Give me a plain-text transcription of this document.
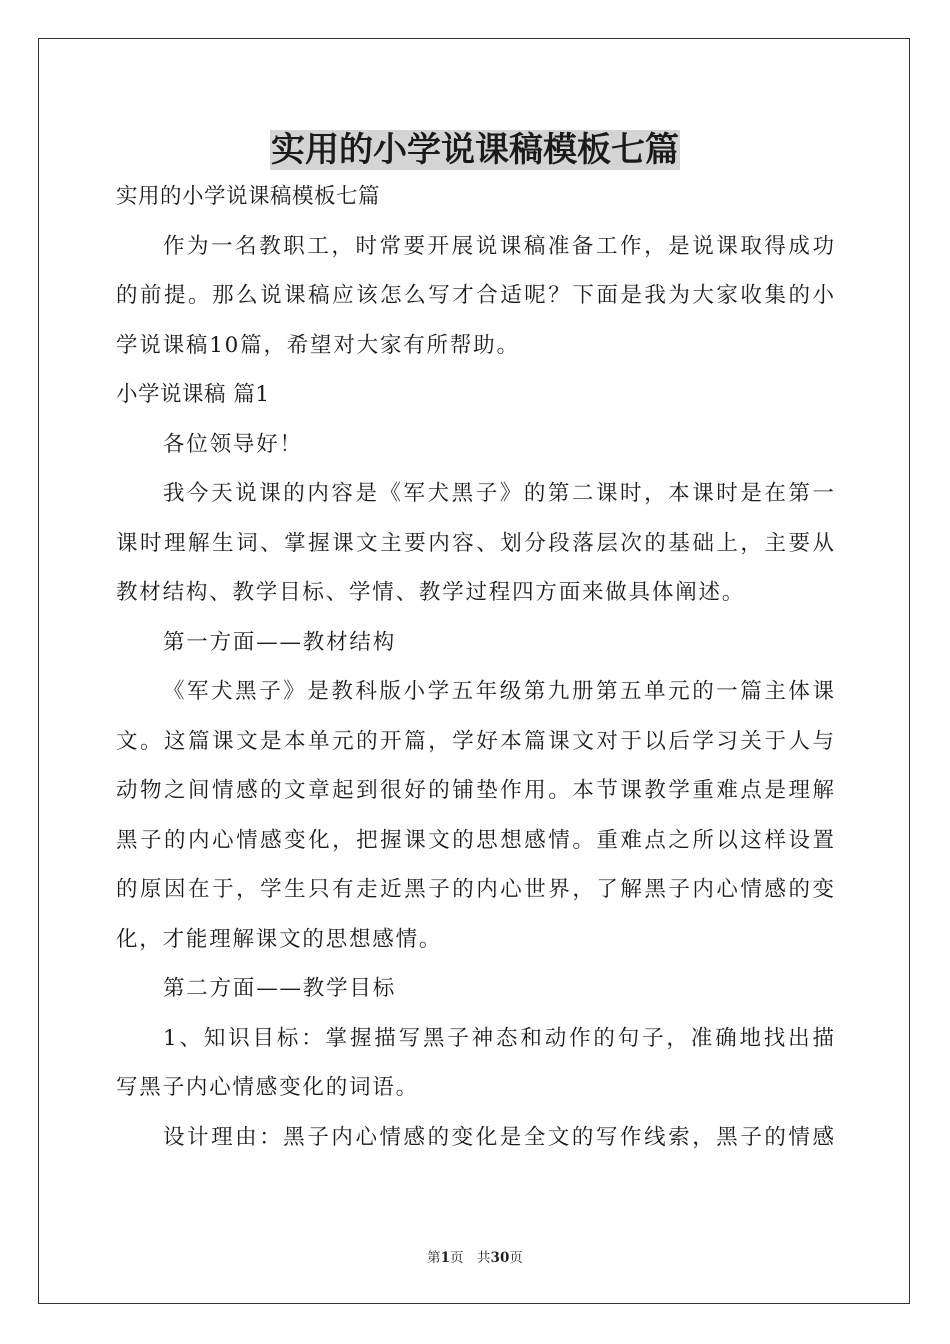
实用的小学说课稿模板七篇
实用的小学说课稿模板七篇
作为一名教职工，时常要开展说课稿准备工作，是说课取得成功
的前提。那么说课稿应该怎么写才合适呢？下面是我为大家收集的小
学说课稿10篇，希望对大家有所帮助。
小学说课稿 篇1
各位领导好！
我今天说课的内容是《军犬黑子》的第二课时，本课时是在第一
课时理解生词、掌握课文主要内容、划分段落层次的基础上，主要从
教材结构、教学目标、学情、教学过程四方面来做具体阐述。
第一方面——教材结构
《军犬黑子》是教科版小学五年级第九册第五单元的一篇主体课
文。这篇课文是本单元的开篇，学好本篇课文对于以后学习关于人与
动物之间情感的文章起到很好的铺垫作用。本节课教学重难点是理解
黑子的内心情感变化，把握课文的思想感情。重难点之所以这样设置
的原因在于，学生只有走近黑子的内心世界，了解黑子内心情感的变
化，才能理解课文的思想感情。
第二方面——教学目标
1、知识目标：掌握描写黑子神态和动作的句子，准确地找出描
写黑子内心情感变化的词语。
设计理由：黑子内心情感的变化是全文的写作线索，黑子的情感
第1页　共30页
